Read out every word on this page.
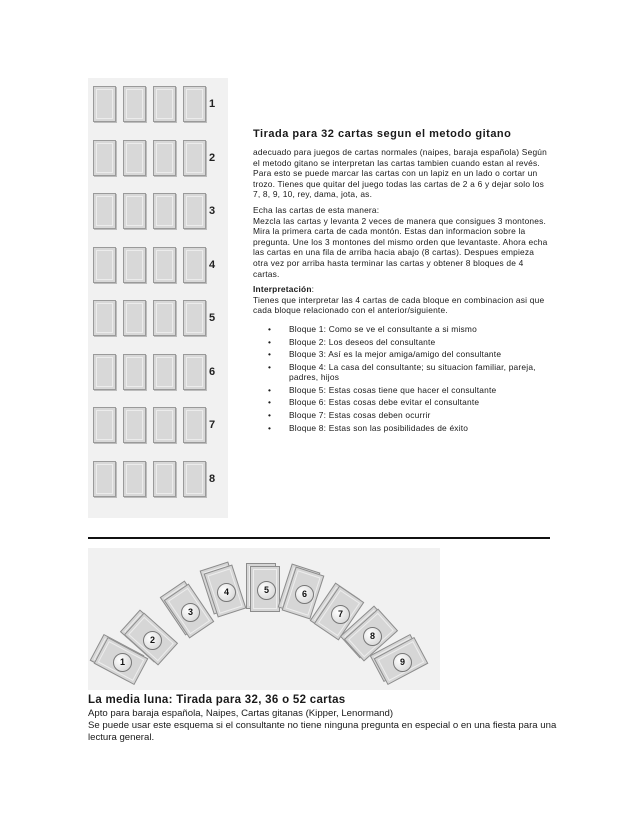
1
2
3
4
5
6
7
8
Tirada para 32 cartas segun el metodo gitano

adecuado para juegos de cartas normales (naipes, baraja española) Según el metodo gitano se interpretan las cartas tambien cuando estan al revés. Para esto se puede marcar las cartas con un lapiz en un lado o cortar un trozo. Tienes que quitar del juego todas las cartas de 2 a 6 y dejar solo los 7, 8, 9, 10, rey, dama, jota, as.

Echa las cartas de esta manera:
Mezcla las cartas y levanta 2 veces de manera que consigues 3 montones. Mira la primera carta de cada montón. Estas dan informacion sobre la pregunta. Une los 3 montones del mismo orden que levantaste. Ahora echa las cartas en una fila de arriba hacia abajo (8 cartas). Despues empieza otra vez por arriba hasta terminar las cartas y obtener 8 bloques de 4 cartas.

Interpretación:
Tienes que interpretar las 4 cartas de cada bloque en combinacion asi que cada bloque relacionado con el anterior/siguiente.

• Bloque 1: Como se ve el consultante a si mismo
• Bloque 2: Los deseos del consultante
• Bloque 3: Así es la mejor amiga/amigo del consultante
• Bloque 4: La casa del consultante; su situacion familiar, pareja, padres, hijos
• Bloque 5: Estas cosas tiene que hacer el consultante
• Bloque 6: Estas cosas debe evitar el consultante
• Bloque 7: Estas cosas deben ocurrir
• Bloque 8: Estas son las posibilidades de éxito
1
2
3
4	5	6
7
8
9
La media luna: Tirada para 32, 36 o 52 cartas

Apto para baraja española, Naipes, Cartas gitanas (Kipper, Lenormand)

Se puede usar este esquema si el consultante no tiene ninguna pregunta en especial o en una fiesta para una lectura general.
